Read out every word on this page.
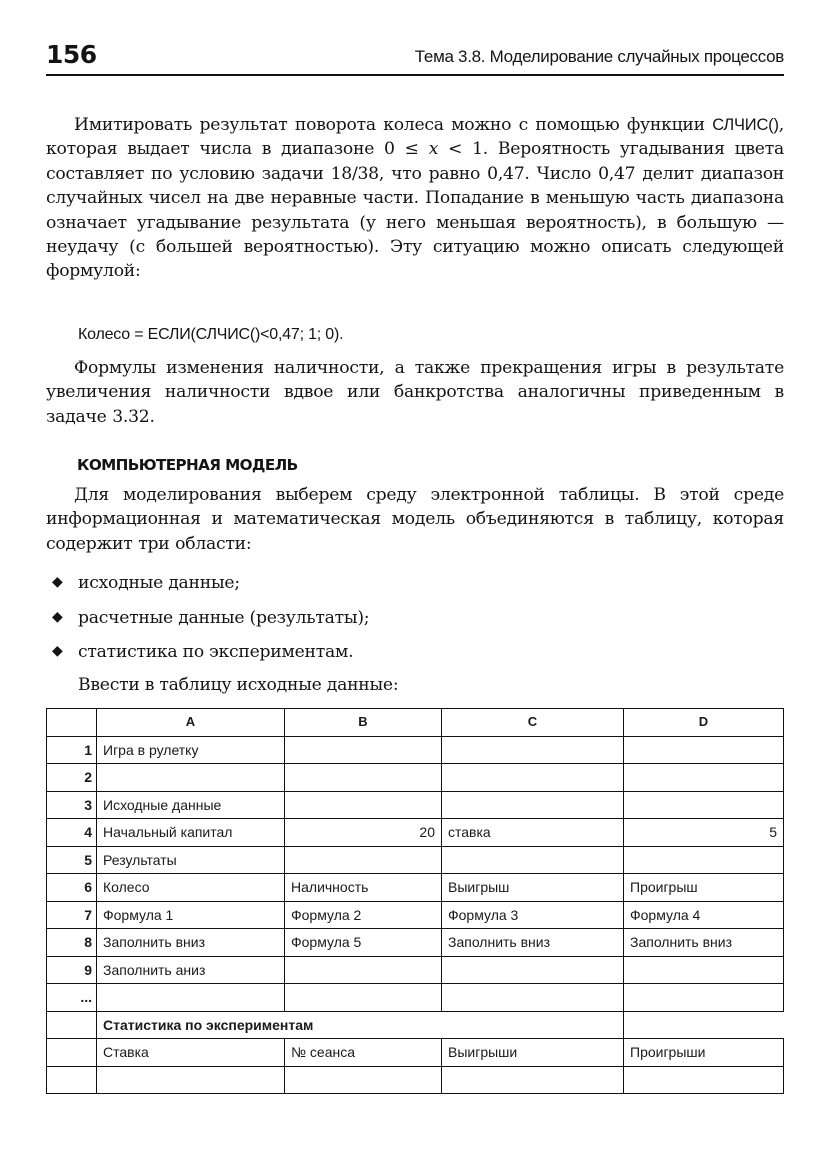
156	Тема 3.8. Моделирование случайных процессов

Имитировать результат поворота колеса можно с помощью функции СЛЧИС(), которая выдает числа в диапазоне 0 ≤ x < 1. Вероятность угадывания цвета составляет по условию задачи 18/38, что равно 0,47. Число 0,47 делит диапазон случайных чисел на две неравные части. Попадание в меньшую часть диапазона означает угадывание результата (у него меньшая вероятность), в большую — неудачу (с большей вероятностью). Эту ситуацию можно описать следующей формулой:

Колесо = ЕСЛИ(СЛЧИС()<0,47; 1; 0).

Формулы изменения наличности, а также прекращения игры в результате увеличения наличности вдвое или банкротства аналогичны приведенным в задаче 3.32.

КОМПЬЮТЕРНАЯ МОДЕЛЬ

Для моделирования выберем среду электронной таблицы. В этой среде информационная и математическая модель объединяются в таблицу, которая содержит три области:

◆ исходные данные;
◆ расчетные данные (результаты);
◆ статистика по экспериментам.
Ввести в таблицу исходные данные:
	A	B	C	D
1	Игра в рулетку			
2				
3	Исходные данные			
4	Начальный капитал	20	ставка	5
5	Результаты			
6	Колесо	Наличность	Выигрыш	Проигрыш
7	Формула 1	Формула 2	Формула 3	Формула 4
8	Заполнить вниз	Формула 5	Заполнить вниз	Заполнить вниз
9	Заполнить аниз			
...				
	Статистика по экспериментам			
	Ставка	№ сеанса	Выигрыши	Проигрыши
